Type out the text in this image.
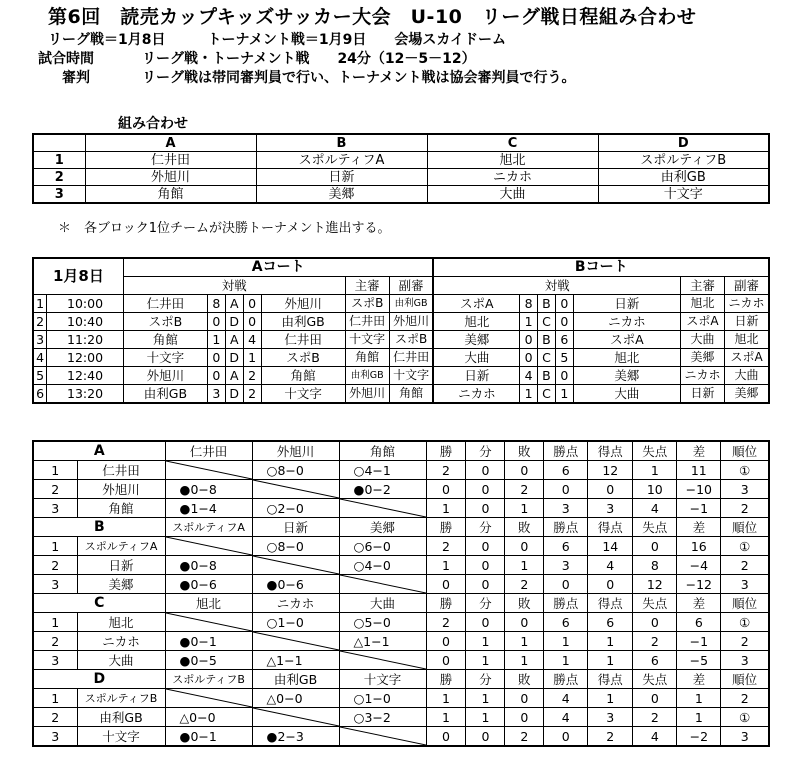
第6回　読売カップキッズサッカー大会　U-10　リーグ戦日程組み合わせ
リーグ戦＝1月8日　　　トーナメント戦＝1月9日　　会場スカイドーム
試合時間	リーグ戦・トーナメント戦　　24分（12－5－12）
審判	リーグ戦は帯同審判員で行い、トーナメント戦は協会審判員で行う。
組み合わせ
	A	B	C	D
1	仁井田	スポルティフA	旭北	スポルティフB
2	外旭川	日新	ニカホ	由利GB
3	角館	美郷	大曲	十文字
＊　各ブロック1位チームが決勝トーナメント進出する。
1月8日		Aコート							Bコート						
		対戦					主審	副審	対戦					主審	副審
1	10:00	仁井田	8	A	0	外旭川	スポB	由利GB	スポA	8	B	0	日新	旭北	ニカホ
2	10:40	スポB	0	D	0	由利GB	仁井田	外旭川	旭北	1	C	0	ニカホ	スポA	日新
3	11:20	角館	1	A	4	仁井田	十文字	スポB	美郷	0	B	6	スポA	大曲	旭北
4	12:00	十文字	0	D	1	スポB	角館	仁井田	大曲	0	C	5	旭北	美郷	スポA
5	12:40	外旭川	0	A	2	角館	由利GB	十文字	日新	4	B	0	美郷	ニカホ	大曲
6	13:20	由利GB	3	D	2	十文字	外旭川	角館	ニカホ	1	C	1	大曲	日新	美郷
A		仁井田	外旭川	角館	勝	分	敗	勝点	得点	失点	差	順位
1	仁井田		○8−0	○4−1	2	0	0	6	12	1	11	①
2	外旭川	●0−8		●0−2	0	0	2	0	0	10	−10	3
3	角館	●1−4	○2−0		1	0	1	3	3	4	−1	2
B		スポルティフA	日新	美郷	勝	分	敗	勝点	得点	失点	差	順位
1	スポルティフA		○8−0	○6−0	2	0	0	6	14	0	16	①
2	日新	●0−8		○4−0	1	0	1	3	4	8	−4	2
3	美郷	●0−6	●0−6		0	0	2	0	0	12	−12	3
C		旭北	ニカホ	大曲	勝	分	敗	勝点	得点	失点	差	順位
1	旭北		○1−0	○5−0	2	0	0	6	6	0	6	①
2	ニカホ	●0−1		△1−1	0	1	1	1	1	2	−1	2
3	大曲	●0−5	△1−1		0	1	1	1	1	6	−5	3
D		スポルティフB	由利GB	十文字	勝	分	敗	勝点	得点	失点	差	順位
1	スポルティフB		△0−0	○1−0	1	1	0	4	1	0	1	2
2	由利GB	△0−0		○3−2	1	1	0	4	3	2	1	①
3	十文字	●0−1	●2−3		0	0	2	0	2	4	−2	3
